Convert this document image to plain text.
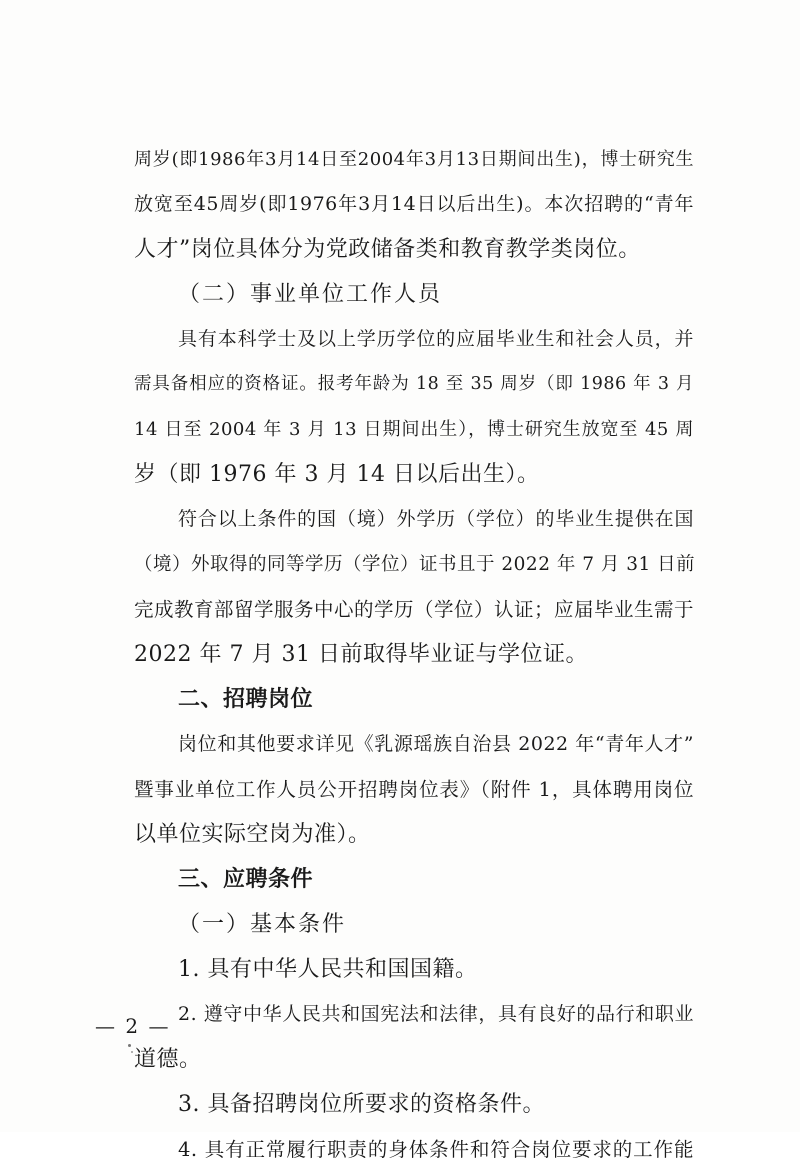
周岁(即1986年3月14日至2004年3月13日期间出生)，博士研究生
放宽至45周岁(即1976年3月14日以后出生)。本次招聘的“青年
人才”岗位具体分为党政储备类和教育教学类岗位。
（二）事业单位工作人员
具有本科学士及以上学历学位的应届毕业生和社会人员，并
需具备相应的资格证。报考年龄为 18 至 35 周岁（即 1986 年 3 月
14 日至 2004 年 3 月 13 日期间出生），博士研究生放宽至 45 周
岁（即 1976 年 3 月 14 日以后出生）。
符合以上条件的国（境）外学历（学位）的毕业生提供在国
（境）外取得的同等学历（学位）证书且于 2022 年 7 月 31 日前
完成教育部留学服务中心的学历（学位）认证；应届毕业生需于
2022 年 7 月 31 日前取得毕业证与学位证。
二、招聘岗位
岗位和其他要求详见《乳源瑶族自治县 2022 年“青年人才”
暨事业单位工作人员公开招聘岗位表》（附件 1，具体聘用岗位
以单位实际空岗为准）。
三、应聘条件
（一）基本条件
1. 具有中华人民共和国国籍。
2. 遵守中华人民共和国宪法和法律，具有良好的品行和职业
道德。
3. 具备招聘岗位所要求的资格条件。
4. 具有正常履行职责的身体条件和符合岗位要求的工作能
— 2 —
